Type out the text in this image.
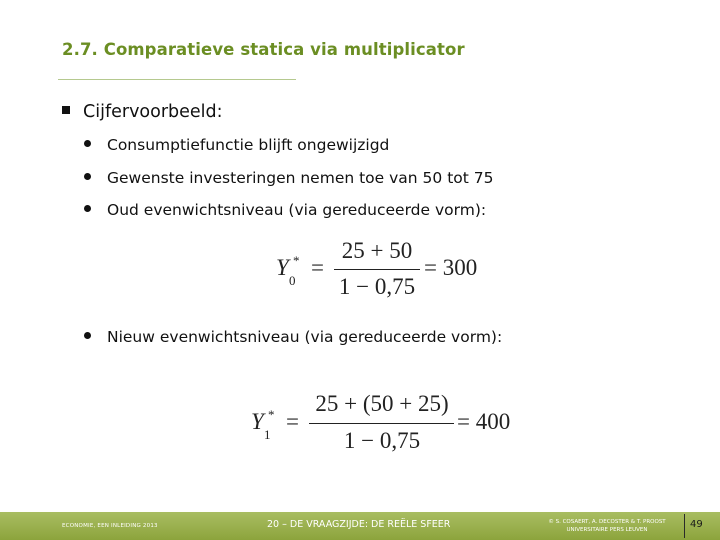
2.7. Comparatieve statica via multiplicator
Cijfervoorbeeld:
Consumptiefunctie blijft ongewijzigd
Gewenste investeringen nemen toe van 50 tot 75
Oud evenwichtsniveau (via gereduceerde vorm):
Y *
0
=
25 + 50
1 − 0,75
= 300
Nieuw evenwichtsniveau (via gereduceerde vorm):
Y *
1
=
25 + (50 + 25)
1 − 0,75
= 400
ECONOMIE, EEN INLEIDING 2013	20 – DE VRAAGZIJDE: DE REËLE SFEER	© S. COSAERT, A. DECOSTER & T. PROOST
UNIVERSITAIRE PERS LEUVEN	49
